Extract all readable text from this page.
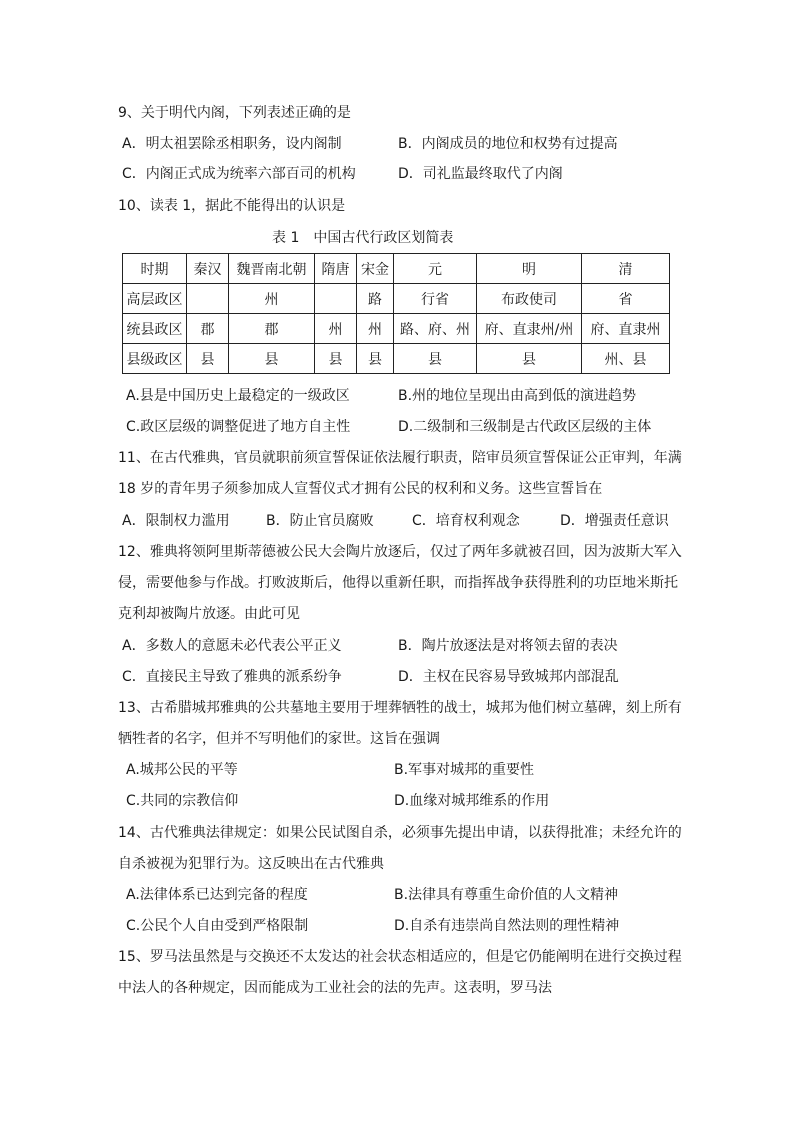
9、关于明代内阁，下列表述正确的是
A．明太祖罢除丞相职务，设内阁制	B．内阁成员的地位和权势有过提高
C．内阁正式成为统率六部百司的机构	D．司礼监最终取代了内阁
10、读表 1，据此不能得出的认识是
表 1　中国古代行政区划简表
时期	秦汉	魏晋南北朝	隋唐	宋金	元	明	清
高层政区		州		路	行省	布政使司	省
统县政区	郡	郡	州	州	路、府、州	府、直隶州/州	府、直隶州
县级政区	县	县	县	县	县	县	州、县
A.县是中国历史上最稳定的一级政区	B.州的地位呈现出由高到低的演进趋势
C.政区层级的调整促进了地方自主性	D.二级制和三级制是古代政区层级的主体
11、在古代雅典，官员就职前须宣誓保证依法履行职责，陪审员须宣誓保证公正审判，年满
18 岁的青年男子须参加成人宣誓仪式才拥有公民的权利和义务。这些宣誓旨在
A．限制权力滥用	B．防止官员腐败	C．培育权利观念	D．增强责任意识
12、雅典将领阿里斯蒂德被公民大会陶片放逐后，仅过了两年多就被召回，因为波斯大军入
侵，需要他参与作战。打败波斯后，他得以重新任职，而指挥战争获得胜利的功臣地米斯托
克利却被陶片放逐。由此可见
A．多数人的意愿未必代表公平正义	B．陶片放逐法是对将领去留的表决
C．直接民主导致了雅典的派系纷争	D．主权在民容易导致城邦内部混乱
13、古希腊城邦雅典的公共墓地主要用于埋葬牺牲的战士，城邦为他们树立墓碑，刻上所有
牺牲者的名字，但并不写明他们的家世。这旨在强调
A.城邦公民的平等	B.军事对城邦的重要性
C.共同的宗教信仰	D.血缘对城邦维系的作用
14、古代雅典法律规定：如果公民试图自杀，必须事先提出申请，以获得批准；未经允许的
自杀被视为犯罪行为。这反映出在古代雅典
A.法律体系已达到完备的程度	B.法律具有尊重生命价值的人文精神
C.公民个人自由受到严格限制	D.自杀有违崇尚自然法则的理性精神
15、罗马法虽然是与交换还不太发达的社会状态相适应的，但是它仍能阐明在进行交换过程
中法人的各种规定，因而能成为工业社会的法的先声。这表明，罗马法
